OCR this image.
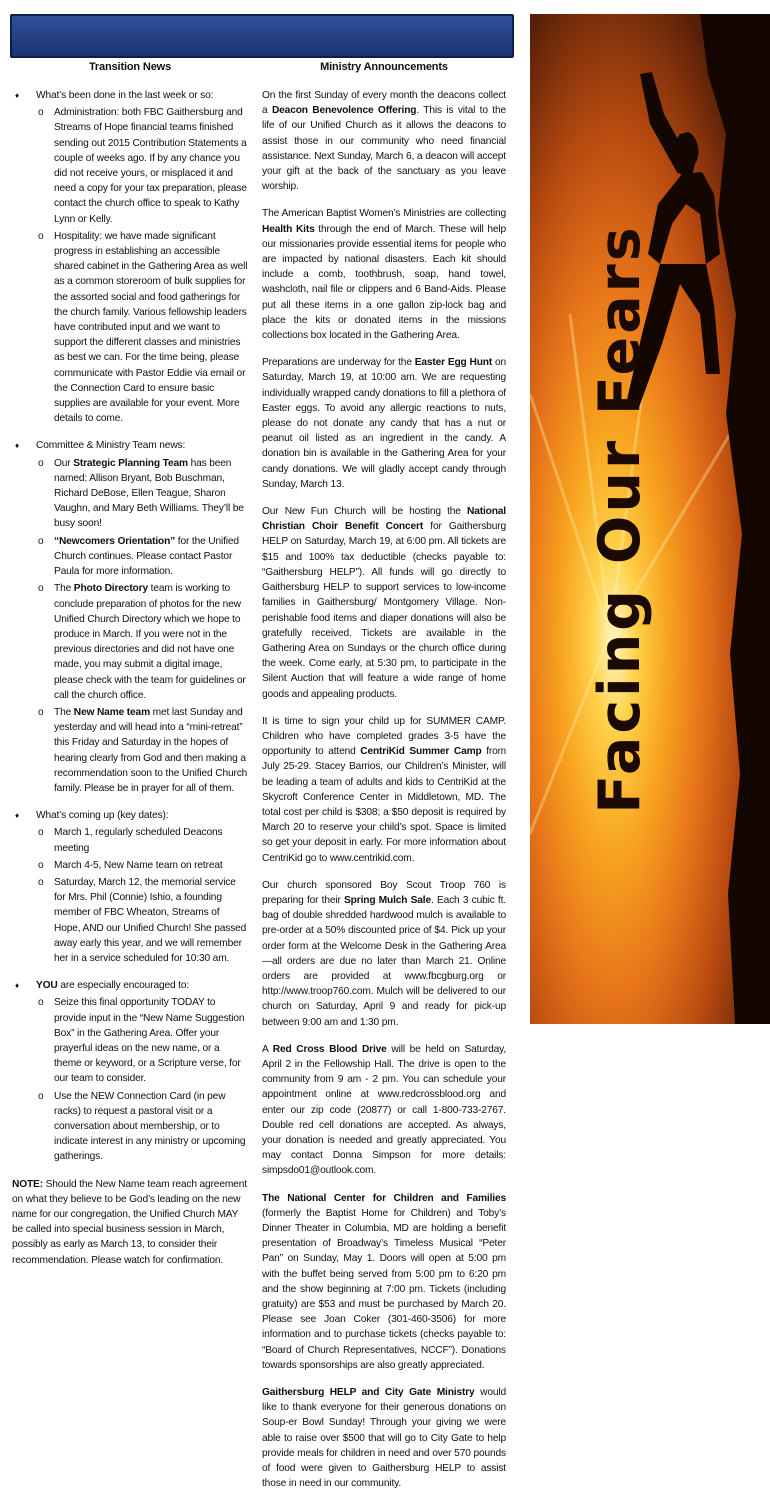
Transition News
♦ What’s been done in the last week or so:
o Administration: both FBC Gaithersburg and Streams of Hope financial teams finished sending out 2015 Contribution Statements a couple of weeks ago. If by any chance you did not receive yours, or misplaced it and need a copy for your tax preparation, please contact the church office to speak to Kathy Lynn or Kelly.
o Hospitality: we have made significant progress in establishing an accessible shared cabinet in the Gathering Area as well as a common storeroom of bulk supplies for the assorted social and food gatherings for the church family. Various fellowship leaders have contributed input and we want to support the different classes and ministries as best we can. For the time being, please communicate with Pastor Eddie via email or the Connection Card to ensure basic supplies are available for your event. More details to come.
♦ Committee & Ministry Team news:
o Our Strategic Planning Team has been named: Allison Bryant, Bob Buschman, Richard DeBose, Ellen Teague, Sharon Vaughn, and Mary Beth Williams. They’ll be busy soon!
o “Newcomers Orientation” for the Unified Church continues. Please contact Pastor Paula for more information.
o The Photo Directory team is working to conclude preparation of photos for the new Unified Church Directory which we hope to produce in March. If you were not in the previous directories and did not have one made, you may submit a digital image, please check with the team for guidelines or call the church office.
o The New Name team met last Sunday and yesterday and will head into a “mini-retreat” this Friday and Saturday in the hopes of hearing clearly from God and then making a recommendation soon to the Unified Church family. Please be in prayer for all of them.
♦ What’s coming up (key dates):
o March 1, regularly scheduled Deacons meeting
o March 4-5, New Name team on retreat
o Saturday, March 12, the memorial service for Mrs. Phil (Connie) Ishio, a founding member of FBC Wheaton, Streams of Hope, AND our Unified Church! She passed away early this year, and we will remember her in a service scheduled for 10:30 am.
♦ YOU are especially encouraged to:
o Seize this final opportunity TODAY to provide input in the “New Name Suggestion Box” in the Gathering Area. Offer your prayerful ideas on the new name, or a theme or keyword, or a Scripture verse, for our team to consider.
o Use the NEW Connection Card (in pew racks) to request a pastoral visit or a conversation about membership, or to indicate interest in any ministry or upcoming gatherings.

NOTE: Should the New Name team reach agreement on what they believe to be God’s leading on the new name for our congregation, the Unified Church MAY be called into special business session in March, possibly as early as March 13, to consider their recommendation. Please watch for confirmation.

Ministry Announcements

On the first Sunday of every month the deacons collect a Deacon Benevolence Offering. This is vital to the life of our Unified Church as it allows the deacons to assist those in our community who need financial assistance. Next Sunday, March 6, a deacon will accept your gift at the back of the sanctuary as you leave worship.

The American Baptist Women’s Ministries are collecting Health Kits through the end of March. These will help our missionaries provide essential items for people who are impacted by national disasters. Each kit should include a comb, toothbrush, soap, hand towel, washcloth, nail file or clippers and 6 Band-Aids. Please put all these items in a one gallon zip-lock bag and place the kits or donated items in the missions collections box located in the Gathering Area.

Preparations are underway for the Easter Egg Hunt on Saturday, March 19, at 10:00 am. We are requesting individually wrapped candy donations to fill a plethora of Easter eggs. To avoid any allergic reactions to nuts, please do not donate any candy that has a nut or peanut oil listed as an ingredient in the candy. A donation bin is available in the Gathering Area for your candy donations. We will gladly accept candy through Sunday, March 13.

Our New Fun Church will be hosting the National Christian Choir Benefit Concert for Gaithersburg HELP on Saturday, March 19, at 6:00 pm. All tickets are $15 and 100% tax deductible (checks payable to: “Gaithersburg HELP”). All funds will go directly to Gaithersburg HELP to support services to low-income families in Gaithersburg/ Montgomery Village. Non-perishable food items and diaper donations will also be gratefully received. Tickets are available in the Gathering Area on Sundays or the church office during the week. Come early, at 5:30 pm, to participate in the Silent Auction that will feature a wide range of home goods and appealing products.

It is time to sign your child up for SUMMER CAMP. Children who have completed grades 3-5 have the opportunity to attend CentriKid Summer Camp from July 25-29. Stacey Barrios, our Children’s Minister, will be leading a team of adults and kids to CentriKid at the Skycroft Conference Center in Middletown, MD. The total cost per child is $308; a $50 deposit is required by March 20 to reserve your child’s spot. Space is limited so get your deposit in early. For more information about CentriKid go to www.centrikid.com.

Our church sponsored Boy Scout Troop 760 is preparing for their Spring Mulch Sale. Each 3 cubic ft. bag of double shredded hardwood mulch is available to pre-order at a 50% discounted price of $4. Pick up your order form at the Welcome Desk in the Gathering Area—all orders are due no later than March 21. Online orders are provided at www.fbcgburg.org or http://www.troop760.com. Mulch will be delivered to our church on Saturday, April 9 and ready for pick-up between 9:00 am and 1:30 pm.

A Red Cross Blood Drive will be held on Saturday, April 2 in the Fellowship Hall. The drive is open to the community from 9 am - 2 pm. You can schedule your appointment online at www.redcrossblood.org and enter our zip code (20877) or call 1-800-733-2767. Double red cell donations are accepted. As always, your donation is needed and greatly appreciated. You may contact Donna Simpson for more details: simpsdo01@outlook.com.

The National Center for Children and Families (formerly the Baptist Home for Children) and Toby’s Dinner Theater in Columbia, MD are holding a benefit presentation of Broadway’s Timeless Musical “Peter Pan” on Sunday, May 1. Doors will open at 5:00 pm with the buffet being served from 5:00 pm to 6:20 pm and the show beginning at 7:00 pm. Tickets (including gratuity) are $53 and must be purchased by March 20. Please see Joan Coker (301-460-3506) for more information and to purchase tickets (checks payable to: “Board of Church Representatives, NCCF”). Donations towards sponsorships are also greatly appreciated.

Gaithersburg HELP and City Gate Ministry would like to thank everyone for their generous donations on Soup-er Bowl Sunday! Through your giving we were able to raise over $500 that will go to City Gate to help provide meals for children in need and over 570 pounds of food were given to Gaithersburg HELP to assist those in need in our community.

Facing Our Fears
